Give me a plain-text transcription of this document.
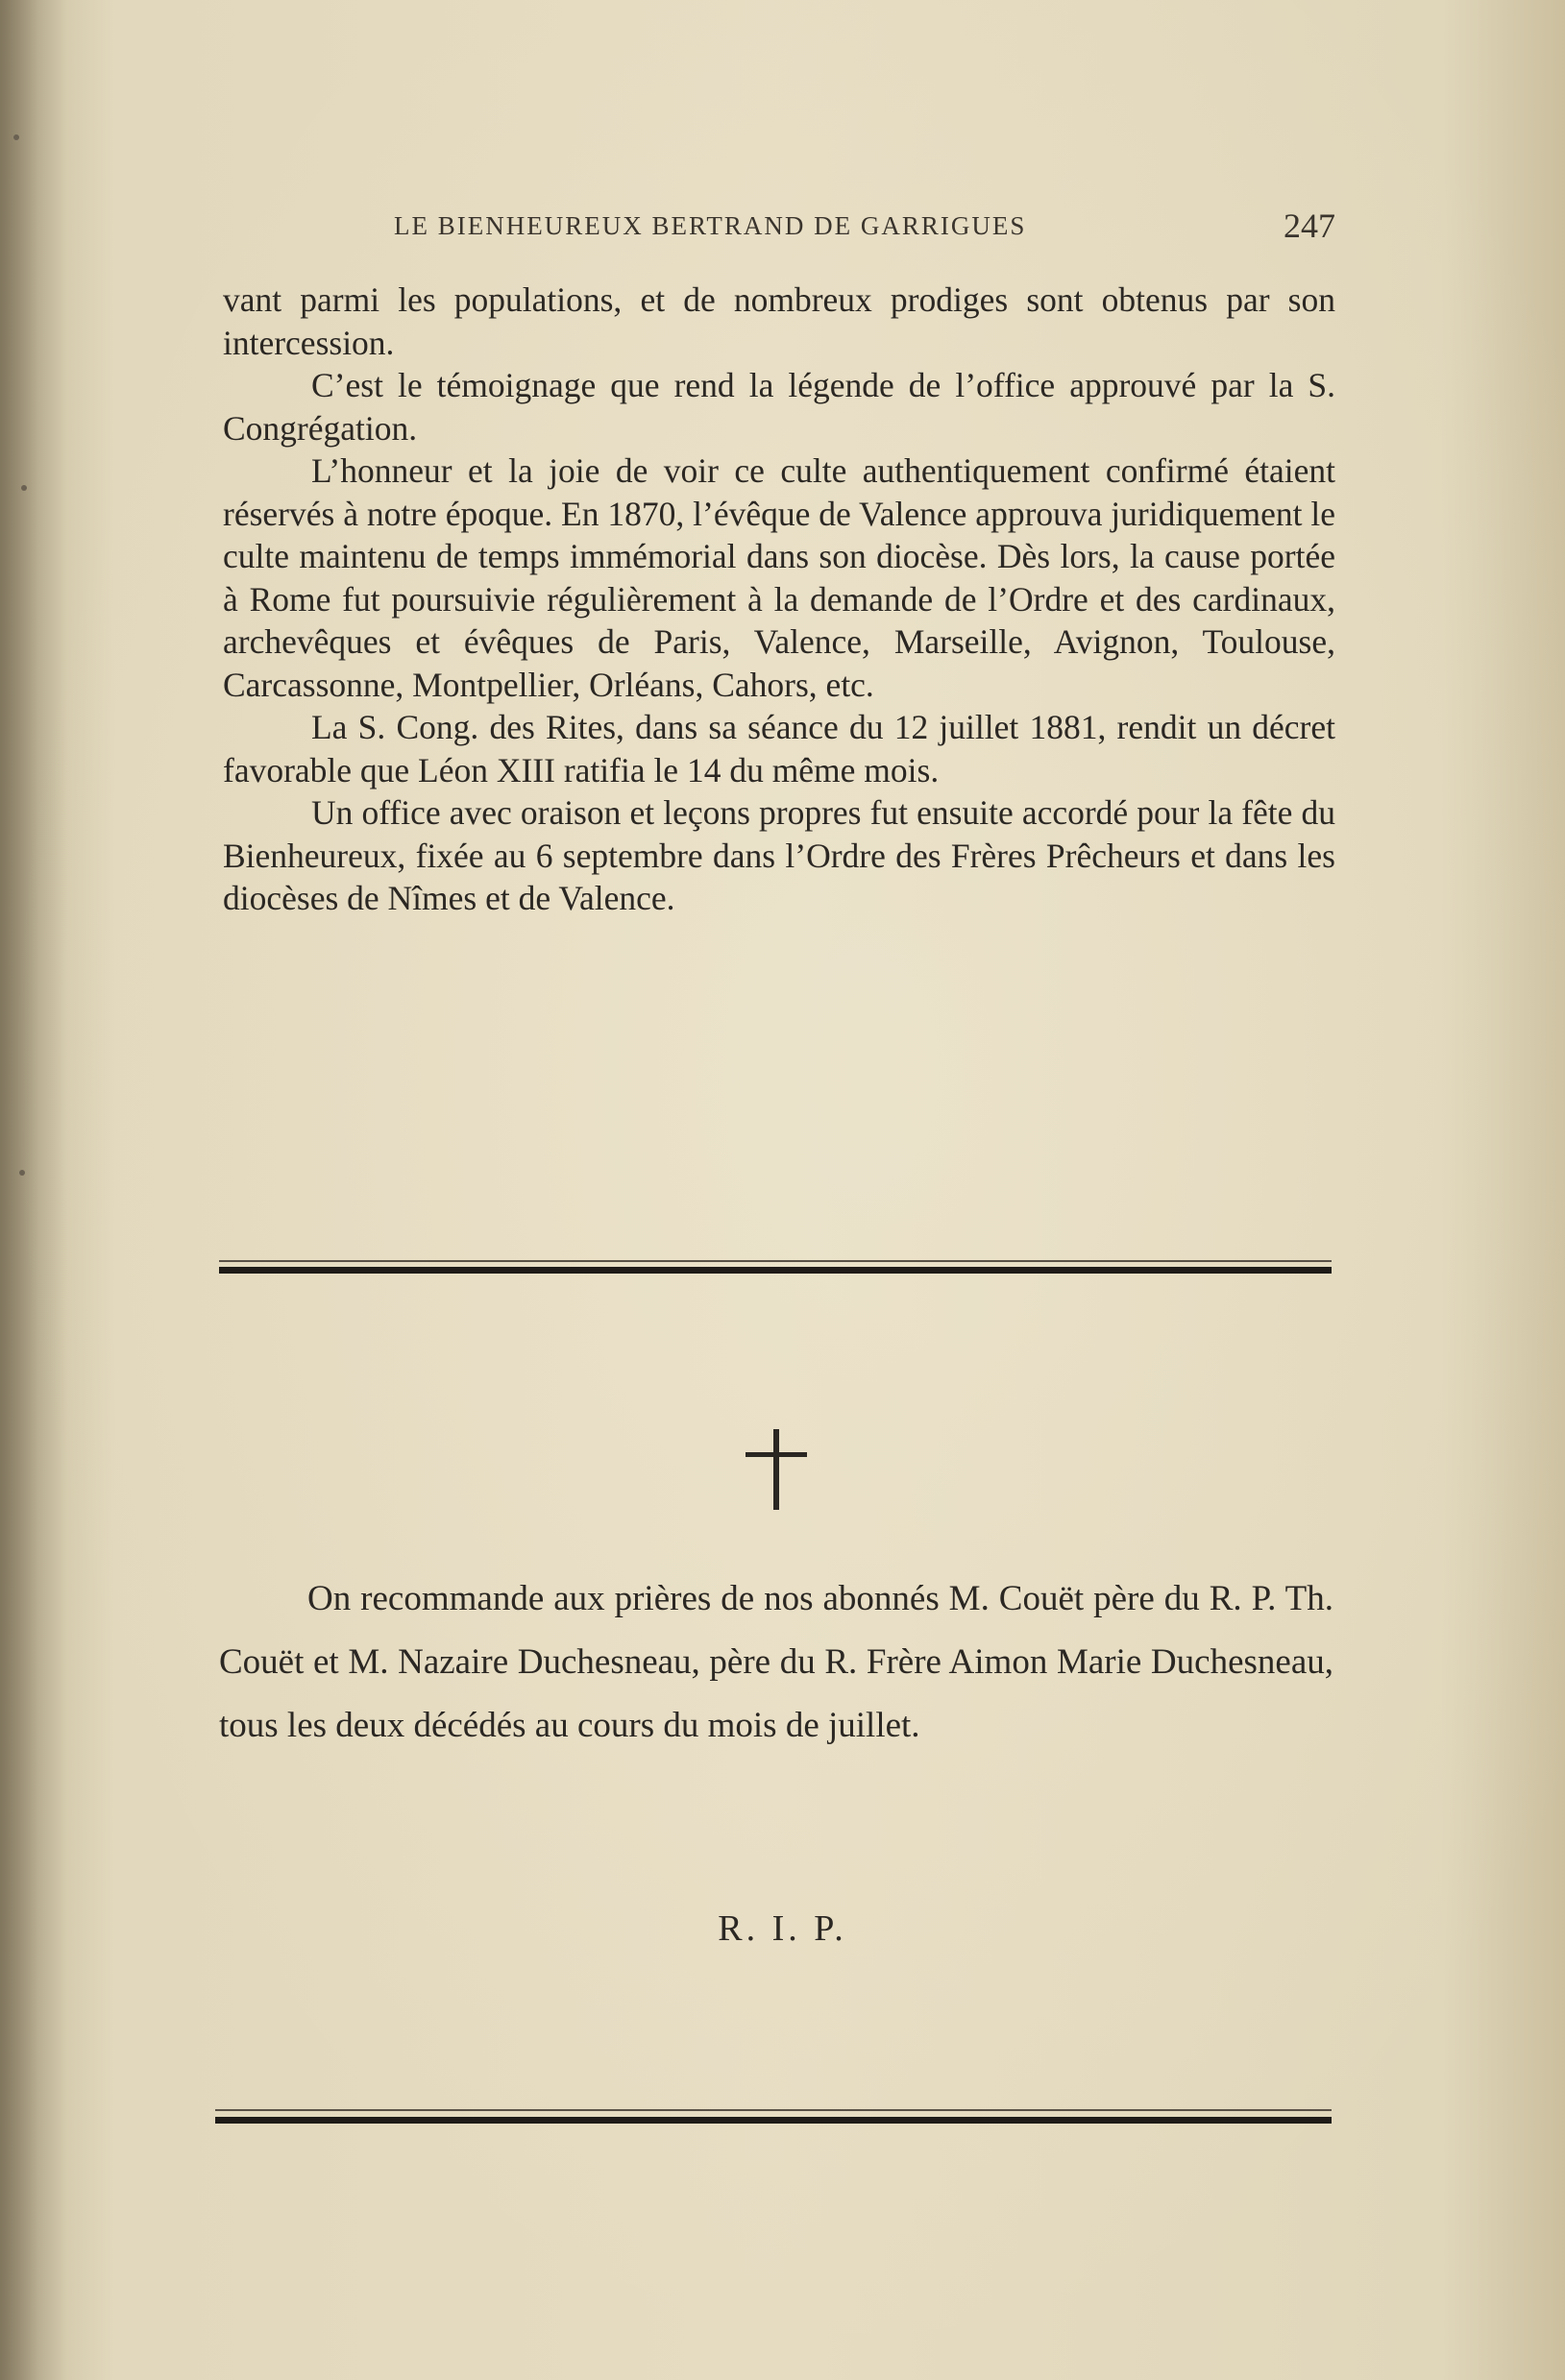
LE BIENHEUREUX BERTRAND DE GARRIGUES	247

vant parmi les populations, et de nombreux prodiges sont obtenus par son intercession.

C’est le témoignage que rend la légende de l’office approuvé par la S. Congrégation.

L’honneur et la joie de voir ce culte authentiquement confirmé étaient réservés à notre époque. En 1870, l’évêque de Valence approuva juridiquement le culte maintenu de temps immémorial dans son diocèse. Dès lors, la cause portée à Rome fut poursuivie régulièrement à la demande de l’Ordre et des cardinaux, archevêques et évêques de Paris, Valence, Marseille, Avignon, Toulouse, Carcassonne, Montpellier, Orléans, Cahors, etc.

La S. Cong. des Rites, dans sa séance du 12 juillet 1881, rendit un décret favorable que Léon XIII ratifia le 14 du même mois.

Un office avec oraison et leçons propres fut ensuite accordé pour la fête du Bienheureux, fixée au 6 septembre dans l’Ordre des Frères Prêcheurs et dans les diocèses de Nîmes et de Valence.

On recommande aux prières de nos abonnés M. Couët père du R. P. Th. Couët et M. Nazaire Duchesneau, père du R. Frère Aimon Marie Duchesneau, tous les deux décédés au cours du mois de juillet.

R. I. P.
